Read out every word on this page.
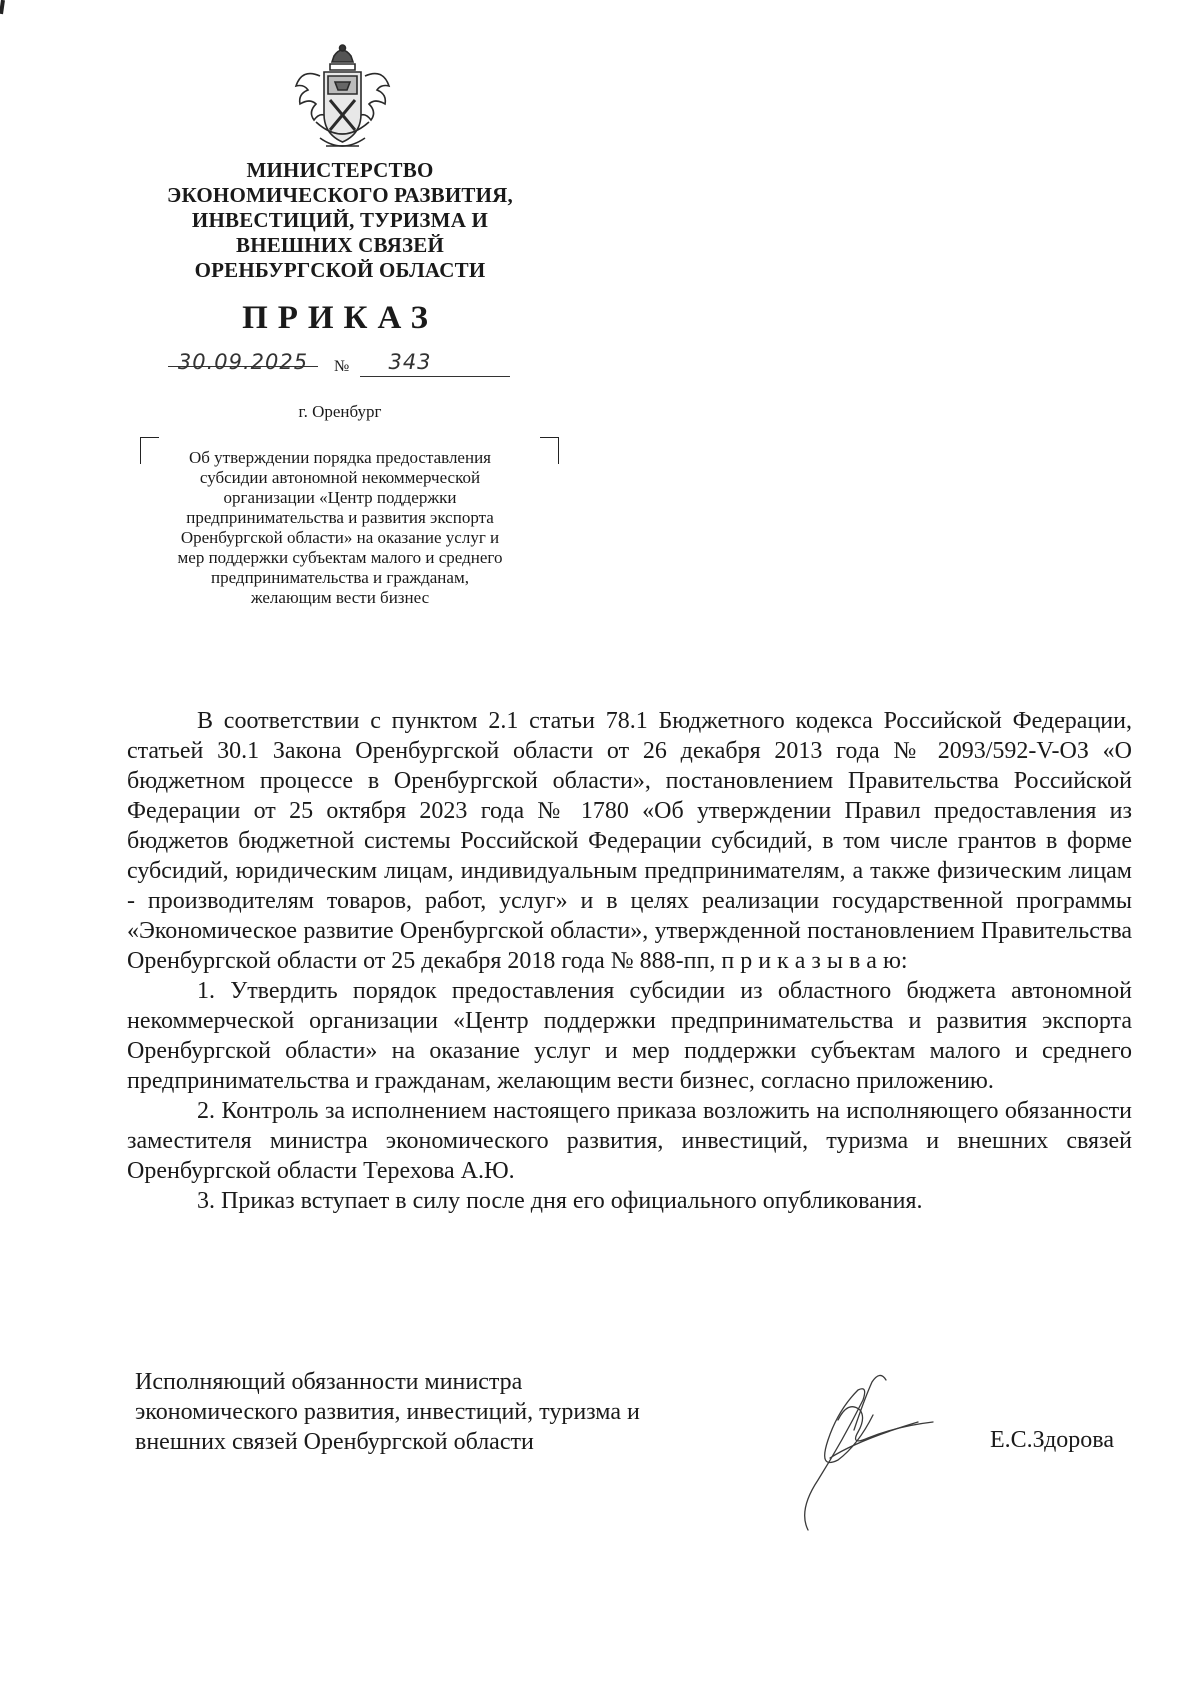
МИНИСТЕРСТВО
ЭКОНОМИЧЕСКОГО РАЗВИТИЯ,
ИНВЕСТИЦИЙ, ТУРИЗМА И
ВНЕШНИХ СВЯЗЕЙ
ОРЕНБУРГСКОЙ ОБЛАСТИ
ПРИКАЗ
30.09.2025	№	343
г. Оренбург
Об утверждении порядка предоставления
субсидии автономной некоммерческой
организации «Центр поддержки
предпринимательства и развития экспорта
Оренбургской области» на оказание услуг и
мер поддержки субъектам малого и среднего
предпринимательства и гражданам,
желающим вести бизнес

В соответствии с пунктом 2.1 статьи 78.1 Бюджетного кодекса Российской Федерации, статьей 30.1 Закона Оренбургской области от 26 декабря 2013 года № 2093/592-V-ОЗ «О бюджетном процессе в Оренбургской области», постановлением Правительства Российской Федерации от 25 октября 2023 года № 1780 «Об утверждении Правил предоставления из бюджетов бюджетной системы Российской Федерации субсидий, в том числе грантов в форме субсидий, юридическим лицам, индивидуальным предпринимателям, а также физическим лицам - производителям товаров, работ, услуг» и в целях реализации государственной программы «Экономическое развитие Оренбургской области», утвержденной постановлением Правительства Оренбургской области от 25 декабря 2018 года № 888-пп, п р и к а з ы в а ю:

1. Утвердить порядок предоставления субсидии из областного бюджета автономной некоммерческой организации «Центр поддержки предпринимательства и развития экспорта Оренбургской области» на оказание услуг и мер поддержки субъектам малого и среднего предпринимательства и гражданам, желающим вести бизнес, согласно приложению.

2. Контроль за исполнением настоящего приказа возложить на исполняющего обязанности заместителя министра экономического развития, инвестиций, туризма и внешних связей Оренбургской области Терехова А.Ю.

3. Приказ вступает в силу после дня его официального опубликования.

Исполняющий обязанности министра
экономического развития, инвестиций, туризма и
внешних связей Оренбургской области	Е.С.Здорова
